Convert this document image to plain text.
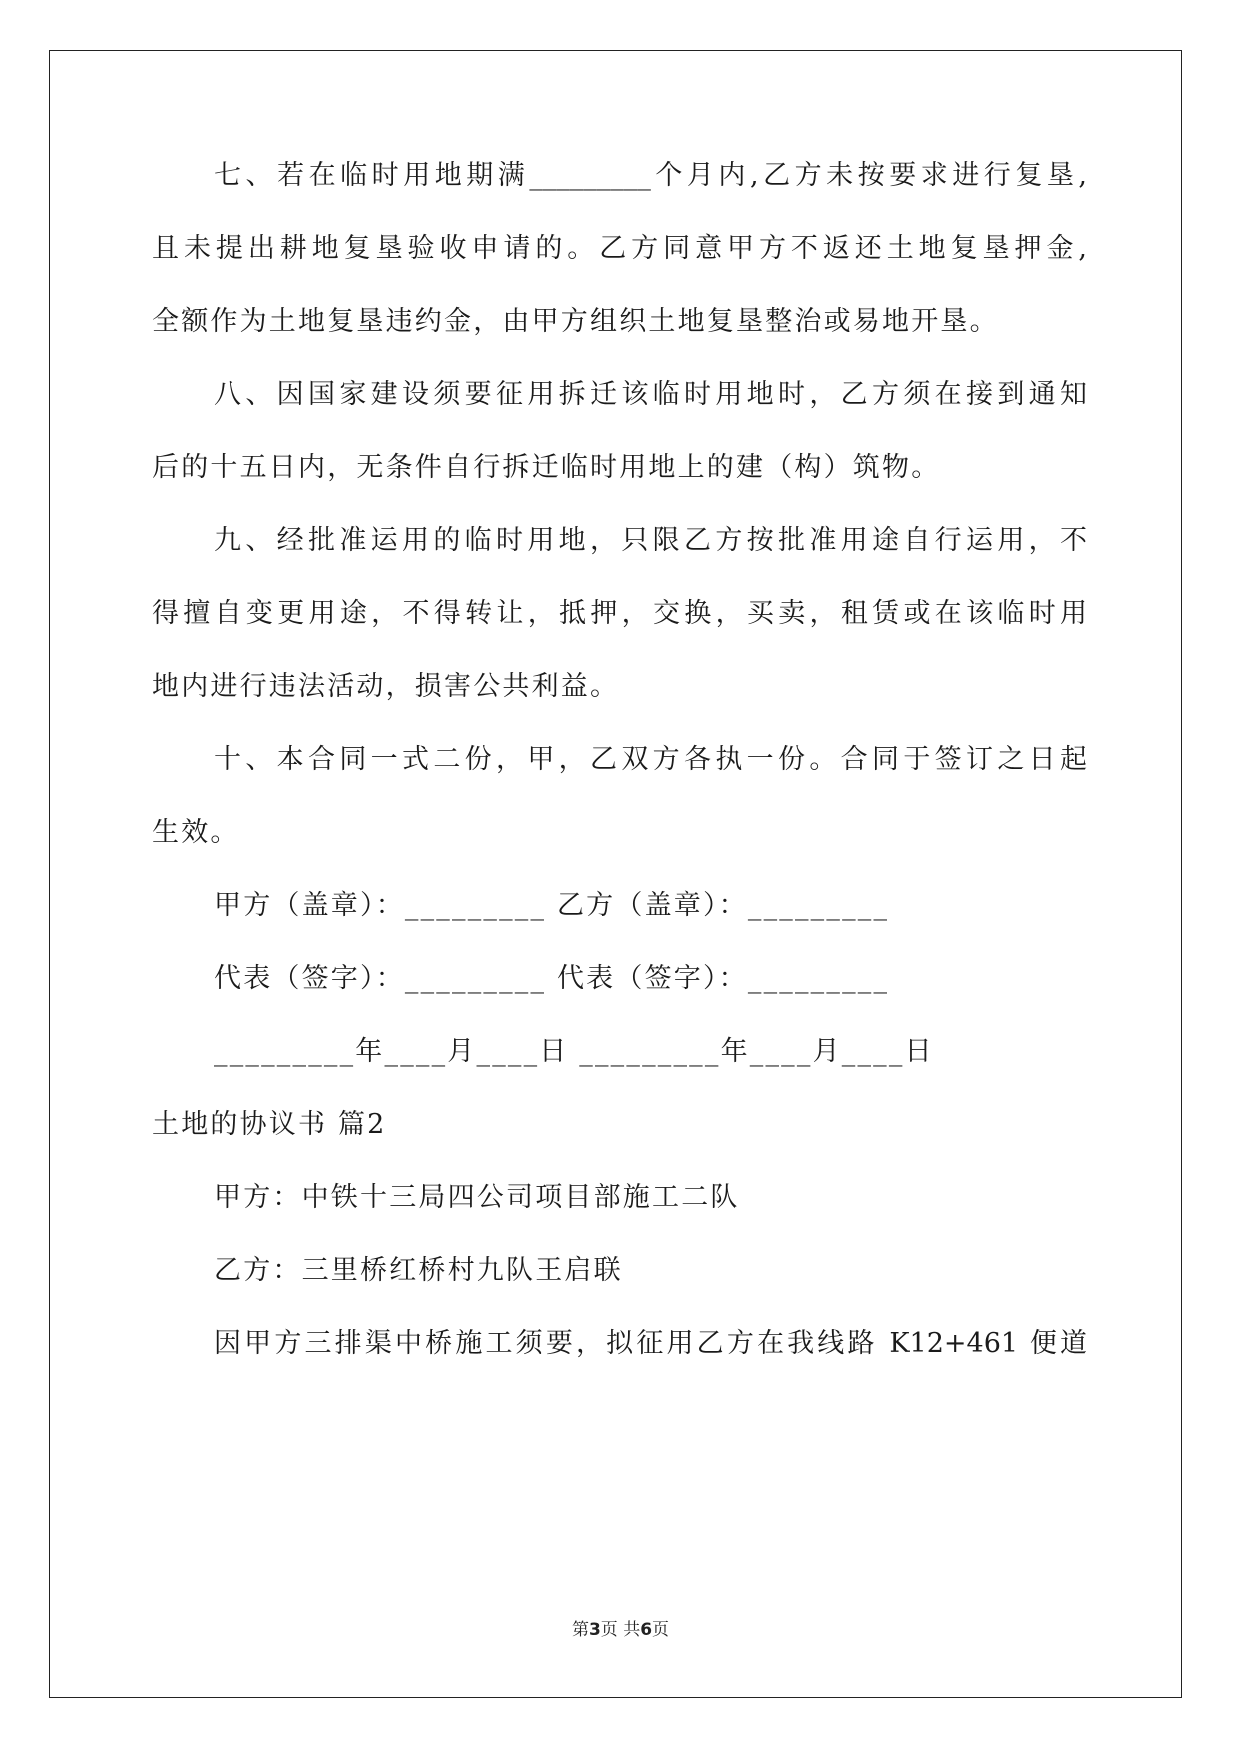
七、若在临时用地期满_________个月内,乙方未按要求进行复垦,
且未提出耕地复垦验收申请的。乙方同意甲方不返还土地复垦押金,
全额作为土地复垦违约金，由甲方组织土地复垦整治或易地开垦。
八、因国家建设须要征用拆迁该临时用地时，乙方须在接到通知
后的十五日内，无条件自行拆迁临时用地上的建（构）筑物。
九、经批准运用的临时用地，只限乙方按批准用途自行运用，不
得擅自变更用途，不得转让，抵押，交换，买卖，租赁或在该临时用
地内进行违法活动，损害公共利益。
十、本合同一式二份，甲，乙双方各执一份。合同于签订之日起
生效。
甲方（盖章）：_________ 乙方（盖章）：_________
代表（签字）：_________ 代表（签字）：_________
_________年____月____日 _________年____月____日
土地的协议书 篇2
甲方：中铁十三局四公司项目部施工二队
乙方：三里桥红桥村九队王启联
因甲方三排渠中桥施工须要，拟征用乙方在我线路 K12+461 便道
第3页 共6页
